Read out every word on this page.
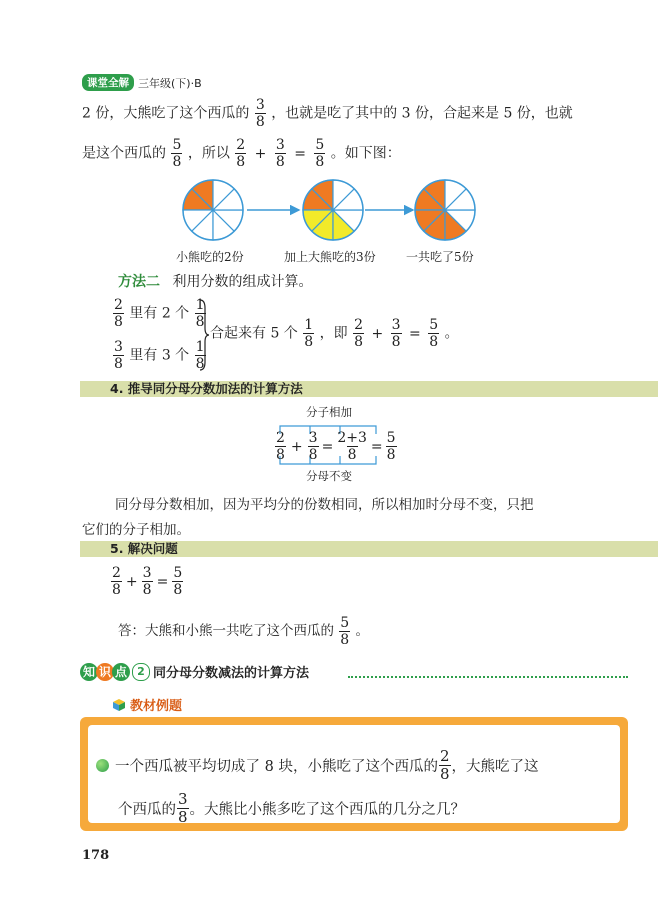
课堂全解 三年级(下)·B
2 份，大熊吃了这个西瓜的 $\frac{3}{8}$ ，也就是吃了其中的 3 份，合起来是 5 份，也就
是这个西瓜的 $\frac{5}{8}$ ，所以 $\frac{2}{8} + \frac{3}{8} = \frac{5}{8}$ 。如下图：
小熊吃的2份	加上大熊吃的3份	一共吃了5份
方法二 利用分数的组成计算。
$\frac{2}{8}$ 里有 2 个 $\frac{1}{8}$
$\frac{3}{8}$ 里有 3 个 $\frac{1}{8}$
合起来有 5 个 $\frac{1}{8}$ ，即 $\frac{2}{8} + \frac{3}{8} = \frac{5}{8}$ 。
4. 推导同分母分数加法的计算方法
分子相加
$\frac{2}{8} + \frac{3}{8} = \frac{2+3}{8} = \frac{5}{8}$
分母不变
同分母分数相加，因为平均分的份数相同，所以相加时分母不变，只把
它们的分子相加。
5. 解决问题
$\frac{2}{8} + \frac{3}{8} = \frac{5}{8}$
答：大熊和小熊一共吃了这个西瓜的 $\frac{5}{8}$ 。
知 识 点 2 同分母分数减法的计算方法
教材例题
一个西瓜被平均切成了 8 块，小熊吃了这个西瓜的 $\frac{2}{8}$ ，大熊吃了这
个西瓜的 $\frac{3}{8}$ 。大熊比小熊多吃了这个西瓜的几分之几？
178
